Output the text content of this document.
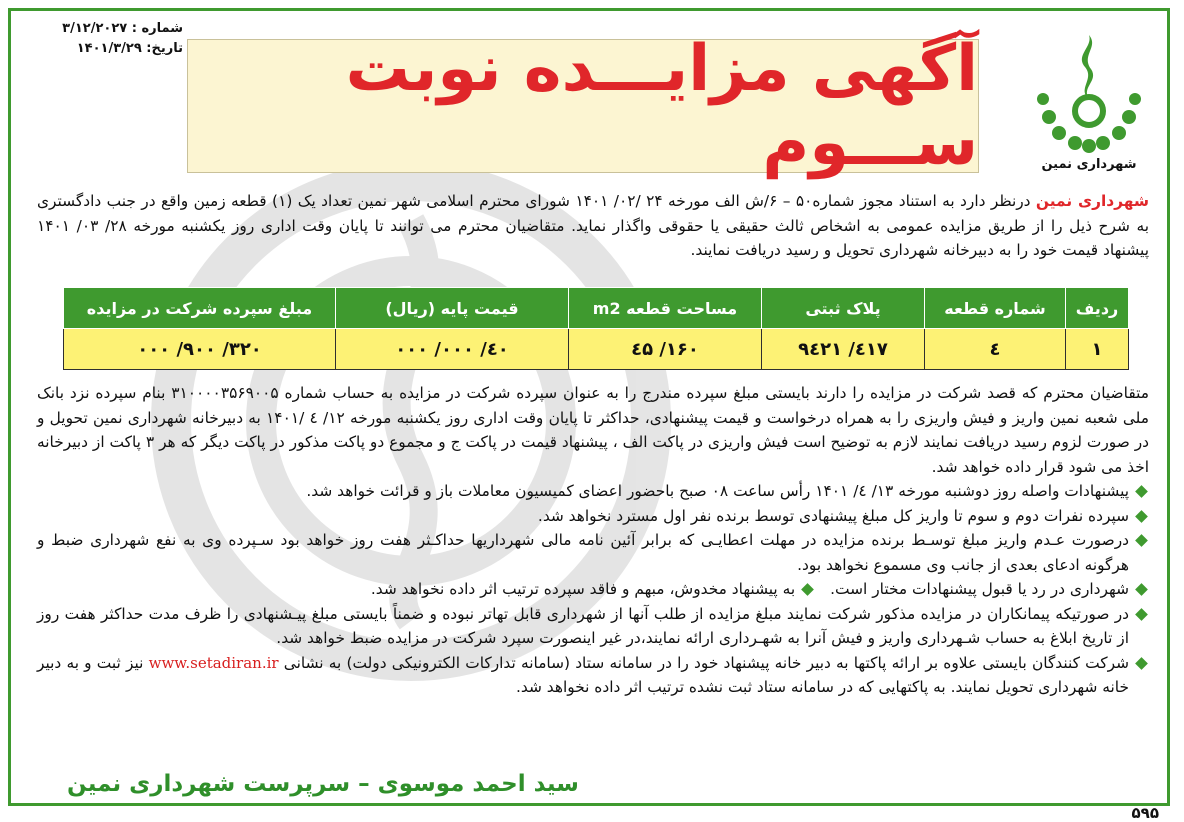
شماره : ۳/۱۲/۲۰۲۷
تاریخ: ۱۴۰۱/۳/۲۹	آگهی مزایـــده نوبت ســـوم	شهرداری نمین
شهرداری نمین درنظر دارد به استناد مجوز شماره۵۰ – ۶/ش الف مورخه ۲۴ /۰۲/ ۱۴۰۱ شورای محترم اسلامی شهر نمین تعداد یک (۱) قطعه زمین واقع در جنب دادگستری به شرح ذیل را از طریق مزایده عمومی به اشخاص ثالث حقیقی یا حقوقی واگذار نماید. متقاضیان محترم می توانند تا پایان وقت اداری روز یکشنبه مورخه ۲۸/ ۰۳/ ۱۴۰۱ پیشنهاد قیمت خود را به دبیرخانه شهرداری تحویل و رسید دریافت نمایند.
ردیف	شماره قطعه	پلاک ثبتی	مساحت قطعه m2	قیمت پایه (ریال)	مبلغ سپرده شرکت در مزایده
۱	٤	٤١٧/ ٩٤٢١	۱۶۰/ ٤۵	٤۰/ ۰۰۰/ ۰۰۰	۳۲۰/ ۹۰۰/ ۰۰۰
متقاضیان محترم که قصد شرکت در مزایده را دارند بایستی مبلغ سپرده مندرج را به عنوان سپرده شرکت در مزایده به حساب شماره ۳۱۰۰۰۰۳۵۶۹۰۰۵ بنام سپرده نزد بانک ملی شعبه نمین واریز و فیش واریزی را به همراه درخواست و قیمت پیشنهادی، حداکثر تا پایان وقت اداری روز یکشنبه مورخه ۱۲/ ٤ /۱۴۰۱ به دبیرخانه شهرداری نمین تحویل و در صورت لزوم رسید دریافت نمایند لازم به توضیح است فیش واریزی در پاکت الف ، پیشنهاد قیمت در پاکت ج و مجموع دو پاکت مذکور در پاکت دیگر که هر ۳ پاکت از دبیرخانه اخذ می شود قرار داده خواهد شد.
پیشنهادات واصله روز دوشنبه مورخه ۱۳/ ٤/ ۱۴۰۱ رأس ساعت ۰۸ صبح باحضور اعضای کمیسیون معاملات باز و قرائت خواهد شد.
سپرده نفرات دوم و سوم تا واریز کل مبلغ پیشنهادی توسط برنده نفر اول مسترد نخواهد شد.
درصورت عـدم واریز مبلغ توسـط برنده مزایده در مهلت اعطایـی که برابر آئین نامه مالی شهرداریها حداکـثر هفت روز خواهد بود سـپرده وی به نفع شهرداری ضبط و هرگونه ادعای بعدی از جانب وی مسموع نخواهد بود.
شهرداری در رد یا قبول پیشنهادات مختار است.به پیشنهاد مخدوش، مبهم و فاقد سپرده ترتیب اثر داده نخواهد شد.
در صورتیکه پیمانکاران در مزایده مذکور شرکت نمایند مبلغ مزایده از طلب آنها از شهرداری قابل تهاتر نبوده و ضمناً بایستی مبلغ پیـشنهادی را ظرف مدت حداکثر هفت روز از تاریخ ابلاغ به حساب شـهرداری واریز و فیش آنرا به شهـرداری ارائه نمایند،در غیر اینصورت سپرد شرکت در مزایده ضبط خواهد شد.
شرکت کنندگان بایستی علاوه بر ارائه پاکتها به دبیر خانه پیشنهاد خود را در سامانه ستاد (سامانه تدارکات الکترونیکی دولت) به نشانی www.setadiran.ir نیز ثبت و به دبیر خانه شهرداری تحویل نمایند. به پاکتهایی که در سامانه ستاد ثبت نشده ترتیب اثر داده نخواهد شد.
سید احمد موسوی – سرپرست شهرداری نمین
۵۹۵
